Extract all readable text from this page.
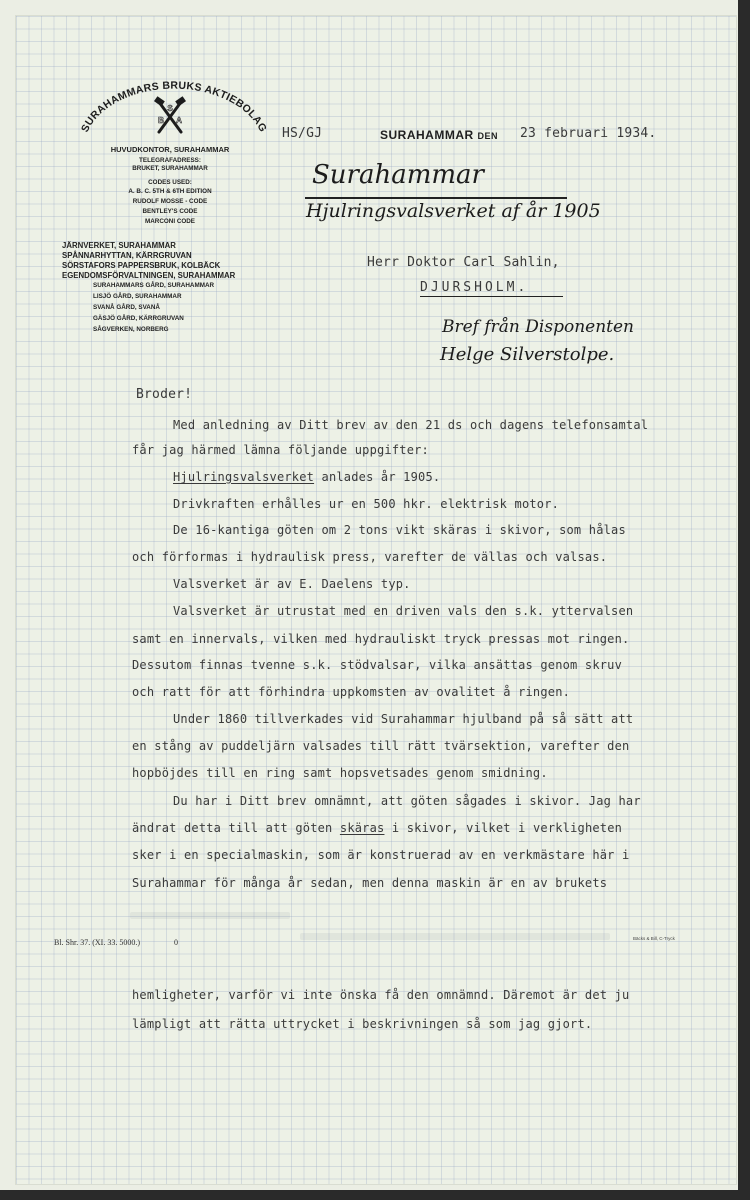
SURAHAMMARS BRUKS AKTIEBOLAG
S
B A
HUVUDKONTOR, SURAHAMMAR
TELEGRAFADRESS:
BRUKET, SURAHAMMAR
CODES USED:
A. B. C. 5TH & 6TH EDITION
RUDOLF MOSSE - CODE
BENTLEY'S CODE
MARCONI CODE
JÄRNVERKET, SURAHAMMAR
SPÅNNARHYTTAN, KÄRRGRUVAN
SÖRSTAFORS PAPPERSBRUK, KOLBÄCK
EGENDOMSFÖRVALTNINGEN, SURAHAMMAR
SURAHAMMARS GÅRD, SURAHAMMAR
LISJÖ GÅRD, SURAHAMMAR
SVANÅ GÅRD, SVANÅ
GÄSJÖ GÅRD, KÄRRGRUVAN
SÅGVERKEN, NORBERG
HS/GJ	SURAHAMMAR DEN 23 februari 1934.
Surahammar
Hjulringsvalsverket af år 1905
Herr Doktor Carl Sahlin,
DJURSHOLM.
Bref från Disponenten
Helge Silverstolpe.
Broder!
Med anledning av Ditt brev av den 21 ds och dagens telefonsamtal
får jag härmed lämna följande uppgifter:
Hjulringsvalsverket anlades år 1905.
Drivkraften erhålles ur en 500 hkr. elektrisk motor.
De 16-kantiga göten om 2 tons vikt skäras i skivor, som hålas
och förformas i hydraulisk press, varefter de vällas och valsas.
Valsverket är av E. Daelens typ.
Valsverket är utrustat med en driven vals den s.k. yttervalsen
samt en innervals, vilken med hydrauliskt tryck pressas mot ringen.
Dessutom finnas tvenne s.k. stödvalsar, vilka ansättas genom skruv
och ratt för att förhindra uppkomsten av ovalitet å ringen.
Under 1860 tillverkades vid Surahammar hjulband på så sätt att
en stång av puddeljärn valsades till rätt tvärsektion, varefter den
hopböjdes till en ring samt hopsvetsades genom smidning.
Du har i Ditt brev omnämnt, att göten sågades i skivor. Jag har
ändrat detta till att göten skäras i skivor, vilket i verkligheten
sker i en specialmaskin, som är konstruerad av en verkmästare här i
Surahammar för många år sedan, men denna maskin är en av brukets
Bl. Shr. 37. (XI. 33. 5000.)	0	Bäcks & Bill, C-Tryck
hemligheter, varför vi inte önska få den omnämnd. Däremot är det ju
lämpligt att rätta uttrycket i beskrivningen så som jag gjort.
